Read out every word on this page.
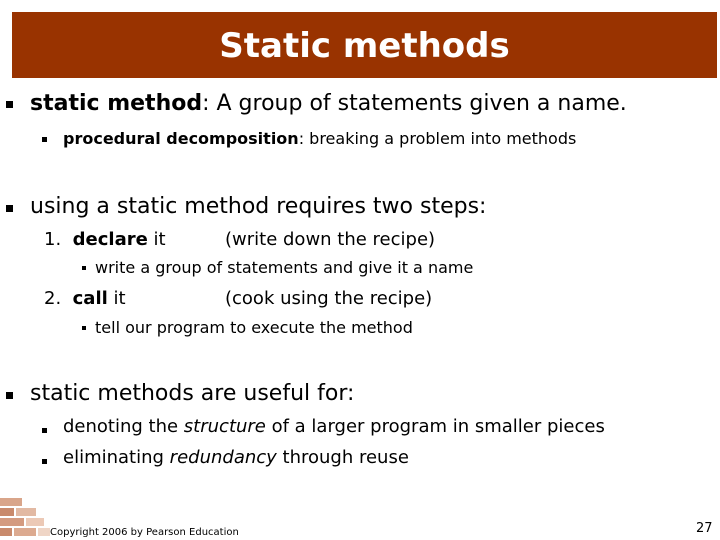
Static methods
static method: A group of statements given a name.
procedural decomposition: breaking a problem into methods
using a static method requires two steps:
1. declare it	(write down the recipe)
write a group of statements and give it a name
2. call it	(cook using the recipe)
tell our program to execute the method
static methods are useful for:
denoting the structure of a larger program in smaller pieces
eliminating redundancy through reuse
Copyright 2006 by Pearson Education	27
